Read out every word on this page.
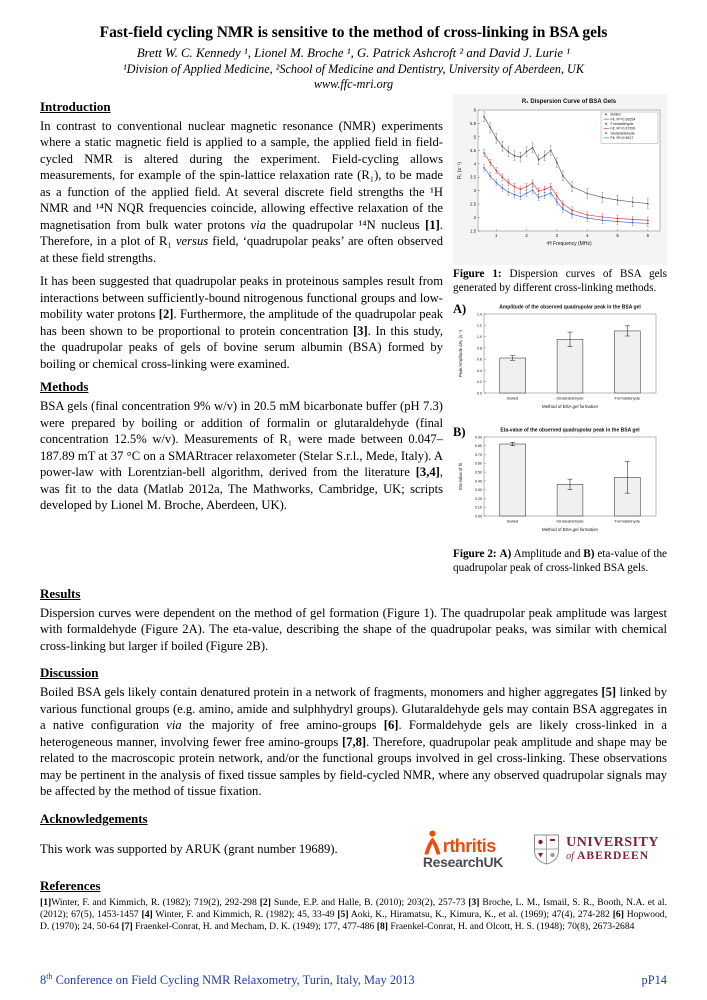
Fast-field cycling NMR is sensitive to the method of cross-linking in BSA gels

Brett W. C. Kennedy ¹, Lionel M. Broche ¹, G. Patrick Ashcroft ² and David J. Lurie ¹

¹Division of Applied Medicine, ²School of Medicine and Dentistry, University of Aberdeen, UK

www.ffc-mri.org

Introduction

In contrast to conventional nuclear magnetic resonance (NMR) experiments where a static magnetic field is applied to a sample, the applied field in field-cycled NMR is altered during the experiment. Field-cycling allows measurements, for example of the spin-lattice relaxation rate (R₁), to be made as a function of the applied field. At several discrete field strengths the ¹H NMR and ¹⁴N NQR frequencies coincide, allowing effective relaxation of the magnetisation from bulk water protons via the quadrupolar ¹⁴N nucleus [1]. Therefore, in a plot of R₁ versus field, ‘quadrupolar peaks’ are often observed at these field strengths.

It has been suggested that quadrupolar peaks in proteinous samples result from interactions between sufficiently-bound nitrogenous functional groups and low-mobility water protons [2]. Furthermore, the amplitude of the quadrupolar peak has been shown to be proportional to protein concentration [3]. In this study, the quadrupolar peaks of gels of bovine serum albumin (BSA) formed by boiling or chemical cross-linking were examined.

Methods

BSA gels (final concentration 9% w/v) in 20.5 mM bicarbonate buffer (pH 7.3) were prepared by boiling or addition of formalin or glutaraldehyde (final concentration 12.5% w/v). Measurements of R₁ were made between 0.047–187.89 mT at 37 °C on a SMARtracer relaxometer (Stelar S.r.l., Mede, Italy). A power-law with Lorentzian-bell algorithm, derived from the literature [3,4], was fit to the data (Matlab 2012a, The Mathworks, Cambridge, UK; scripts developed by Lionel M. Broche, Aberdeen, UK).

1	2	3	4	5	6
1.5
2
2.5
3
3.5
4
4.5
5
5.5
6
R₁ Dispersion Curve of BSA Gels
¹H Frequency (MHz)
R₁ (s⁻¹)
Boiled
Fit. R²=0.99254
Formaldehyde
Fit. R²=0.97399
Glutaraldehyde
Fit. R²=0.9617
Figure 1: Dispersion curves of BSA gels generated by different cross-linking methods.
A)
0.0
0.2
0.4
0.6
0.8
1.0
1.2
1.4
Amplitude of the observed quadrupolar peak in the BSA gel
Method of BSA gel formation
Peak Amplitude ΔR₁ (s⁻¹)
Boiled	Glutaraldehyde	Formaldehyde
B)
0.00
0.10
0.20
0.30
0.40
0.50
0.60
0.70
0.80
0.90
Eta-value of the observed quadrupolar peak in the BSA gel
Method of BSA gel formation
Eta-value of fit
Boiled	Glutaraldehyde	Formaldehyde
Figure 2: A) Amplitude and B) eta-value of the quadrupolar peak of cross-linked BSA gels.
Results

Dispersion curves were dependent on the method of gel formation (Figure 1). The quadrupolar peak amplitude was largest with formaldehyde (Figure 2A). The eta-value, describing the shape of the quadrupolar peaks, was similar with chemical cross-linking but larger if boiled (Figure 2B).

Discussion

Boiled BSA gels likely contain denatured protein in a network of fragments, monomers and higher aggregates [5] linked by various functional groups (e.g. amino, amide and sulphhydryl groups). Glutaraldehyde gels may contain BSA aggregates in a native configuration via the majority of free amino-groups [6]. Formaldehyde gels are likely cross-linked in a heterogeneous manner, involving fewer free amino-groups [7,8]. Therefore, quadrupolar peak amplitude and shape may be related to the macroscopic protein network, and/or the functional groups involved in gel cross-linking. These observations may be pertinent in the analysis of fixed tissue samples by field-cycled NMR, where any observed quadrupolar signals may be affected by the method of tissue fixation.

Acknowledgements

This work was supported by ARUK (grant number 19689).	rthritis
ResearchUK
UNIVERSITY
of ABERDEEN
References

[1]Winter, F. and Kimmich, R. (1982); 719(2), 292-298 [2] Sunde, E.P. and Halle, B. (2010); 203(2), 257-73 [3] Broche, L. M., Ismail, S. R., Booth, N.A. et al. (2012); 67(5), 1453-1457 [4] Winter, F. and Kimmich, R. (1982); 45, 33-49 [5] Aoki, K., Hiramatsu, K., Kimura, K., et al. (1969); 47(4), 274-282 [6] Hopwood, D. (1970); 24, 50-64 [7] Fraenkel-Conrat, H. and Mecham, D. K. (1949); 177, 477-486 [8] Fraenkel-Conrat, H. and Olcott, H. S. (1948); 70(8), 2673-2684

8th Conference on Field Cycling NMR Relaxometry, Turin, Italy, May 2013	pP14
